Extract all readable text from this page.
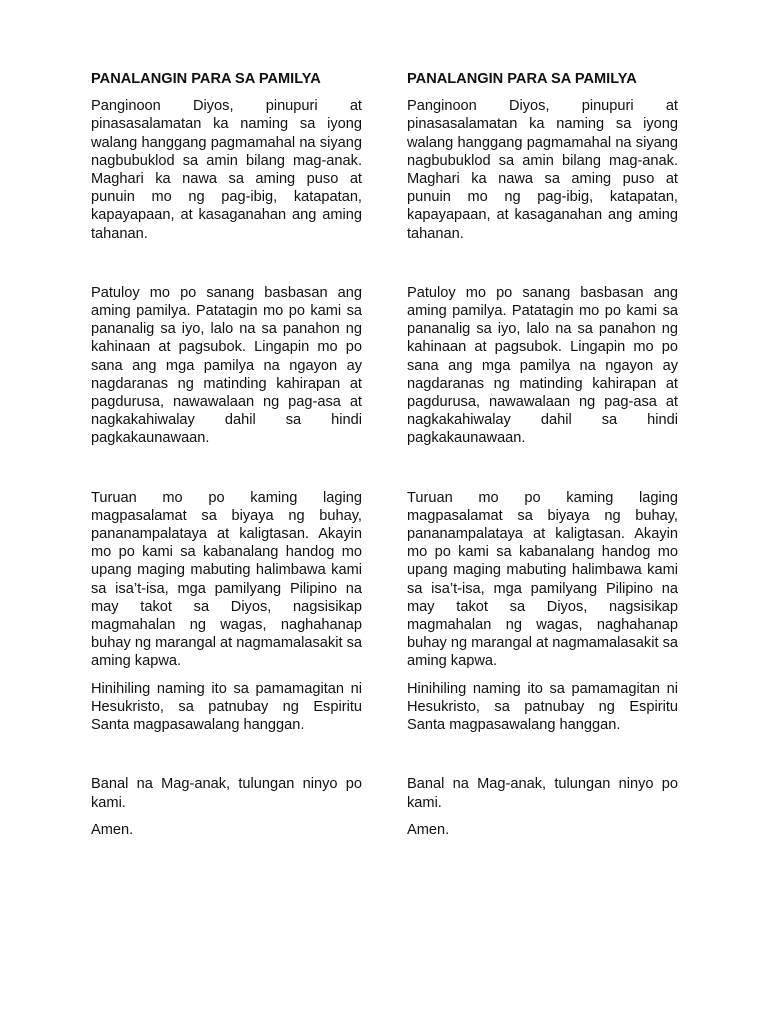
PANALANGIN PARA SA PAMILYA

Panginoon Diyos, pinupuri at pinasasalamatan ka naming sa iyong walang hanggang pagmamahal na siyang nagbubuklod sa amin bilang mag-anak. Maghari ka nawa sa aming puso at punuin mo ng pag-ibig, katapatan, kapayapaan, at kasaganahan ang aming tahanan.

Patuloy mo po sanang basbasan ang aming pamilya. Patatagin mo po kami sa pananalig sa iyo, lalo na sa panahon ng kahinaan at pagsubok. Lingapin mo po sana ang mga pamilya na ngayon ay nagdaranas ng matinding kahirapan at pagdurusa, nawawalaan ng pag-asa at nagkakahiwalay dahil sa hindi pagkakaunawaan.

Turuan mo po kaming laging magpasalamat sa biyaya ng buhay, pananampalataya at kaligtasan. Akayin mo po kami sa kabanalang handog mo upang maging mabuting halimbawa kami sa isa’t-isa, mga pamilyang Pilipino na may takot sa Diyos, nagsisikap magmahalan ng wagas, naghahanap buhay ng marangal at nagmamalasakit sa aming kapwa.

Hinihiling naming ito sa pamamagitan ni Hesukristo, sa patnubay ng Espiritu Santa magpasawalang hanggan.

Banal na Mag-anak, tulungan ninyo po kami.

Amen.

PANALANGIN PARA SA PAMILYA

Panginoon Diyos, pinupuri at pinasasalamatan ka naming sa iyong walang hanggang pagmamahal na siyang nagbubuklod sa amin bilang mag-anak. Maghari ka nawa sa aming puso at punuin mo ng pag-ibig, katapatan, kapayapaan, at kasaganahan ang aming tahanan.

Patuloy mo po sanang basbasan ang aming pamilya. Patatagin mo po kami sa pananalig sa iyo, lalo na sa panahon ng kahinaan at pagsubok. Lingapin mo po sana ang mga pamilya na ngayon ay nagdaranas ng matinding kahirapan at pagdurusa, nawawalaan ng pag-asa at nagkakahiwalay dahil sa hindi pagkakaunawaan.

Turuan mo po kaming laging magpasalamat sa biyaya ng buhay, pananampalataya at kaligtasan. Akayin mo po kami sa kabanalang handog mo upang maging mabuting halimbawa kami sa isa’t-isa, mga pamilyang Pilipino na may takot sa Diyos, nagsisikap magmahalan ng wagas, naghahanap buhay ng marangal at nagmamalasakit sa aming kapwa.

Hinihiling naming ito sa pamamagitan ni Hesukristo, sa patnubay ng Espiritu Santa magpasawalang hanggan.

Banal na Mag-anak, tulungan ninyo po kami.

Amen.
